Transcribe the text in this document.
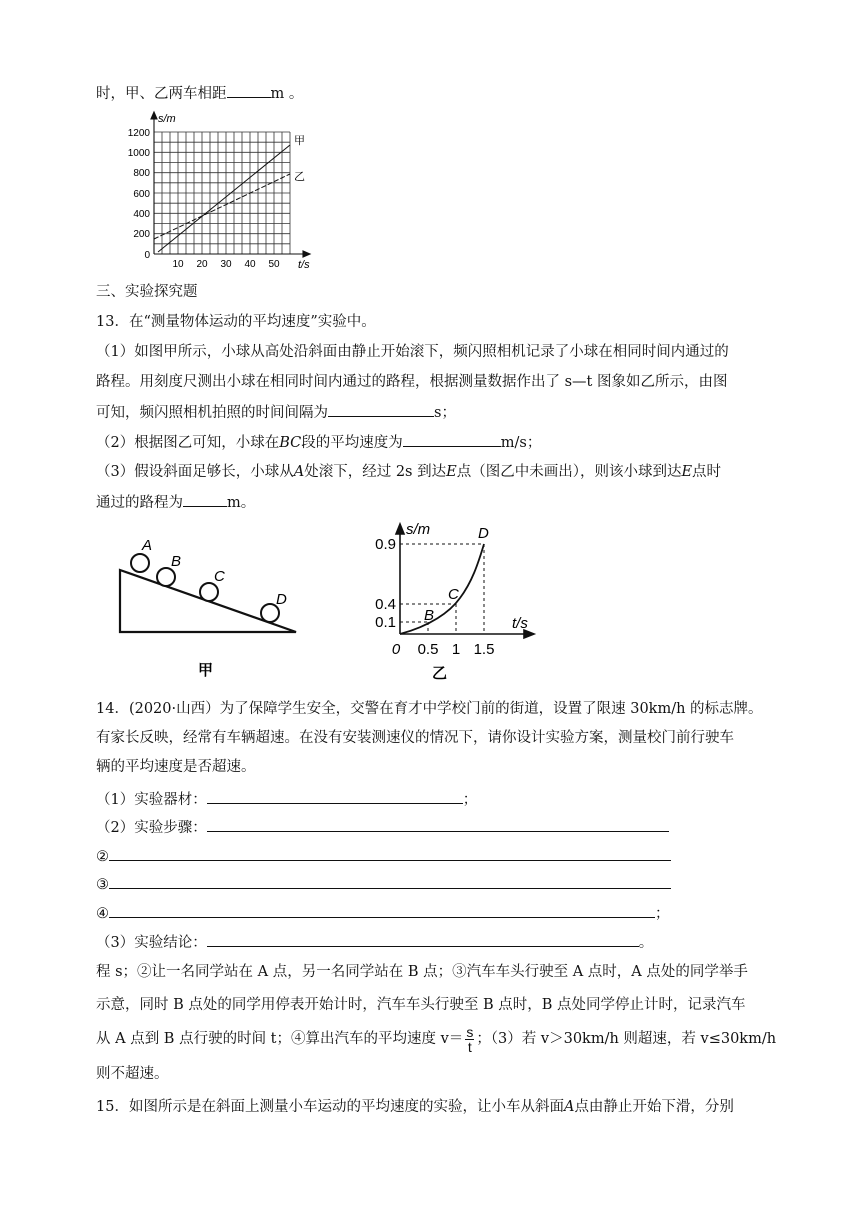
时，甲、乙两车相距	m 。
s/m
t/s
甲
乙
0
200
400
600
800
1000
1200
10 20 30 40 50
三、实验探究题
13．在“测量物体运动的平均速度”实验中。
（1）如图甲所示，小球从高处沿斜面由静止开始滚下，频闪照相机记录了小球在相同时间内通过的
路程。用刻度尺测出小球在相同时间内通过的路程，根据测量数据作出了 s—t 图象如乙所示，由图
可知，频闪照相机拍照的时间间隔为	s；
（2）根据图乙可知，小球在BC段的平均速度为	m/s；
（3）假设斜面足够长，小球从A处滚下，经过 2s 到达E点（图乙中未画出），则该小球到达E点时
通过的路程为	m。
A
B
C
D
甲
s/m
t/s
0.9
0.4
0.1
0 0.5 1 1.5
B
C
D
乙
14．(2020·山西）为了保障学生安全，交警在育才中学校门前的街道，设置了限速 30km/h 的标志牌。
有家长反映，经常有车辆超速。在没有安装测速仪的情况下，请你设计实验方案，测量校门前行驶车
辆的平均速度是否超速。
（1）实验器材：	；
（2）实验步骤：
②
③
④	；
（3）实验结论：	。
程 s；②让一名同学站在 A 点，另一名同学站在 B 点；③汽车车头行驶至 A 点时，A 点处的同学举手
示意，同时 B 点处的同学用停表开始计时，汽车车头行驶至 B 点时，B 点处同学停止计时，记录汽车
从 A 点到 B 点行驶的时间 t；④算出汽车的平均速度 $v= \frac{s}{t}$ ；（3）若 v＞30km/h 则超速，若 v≤30km/h
则不超速。
15．如图所示是在斜面上测量小车运动的平均速度的实验，让小车从斜面A点由静止开始下滑，分别
